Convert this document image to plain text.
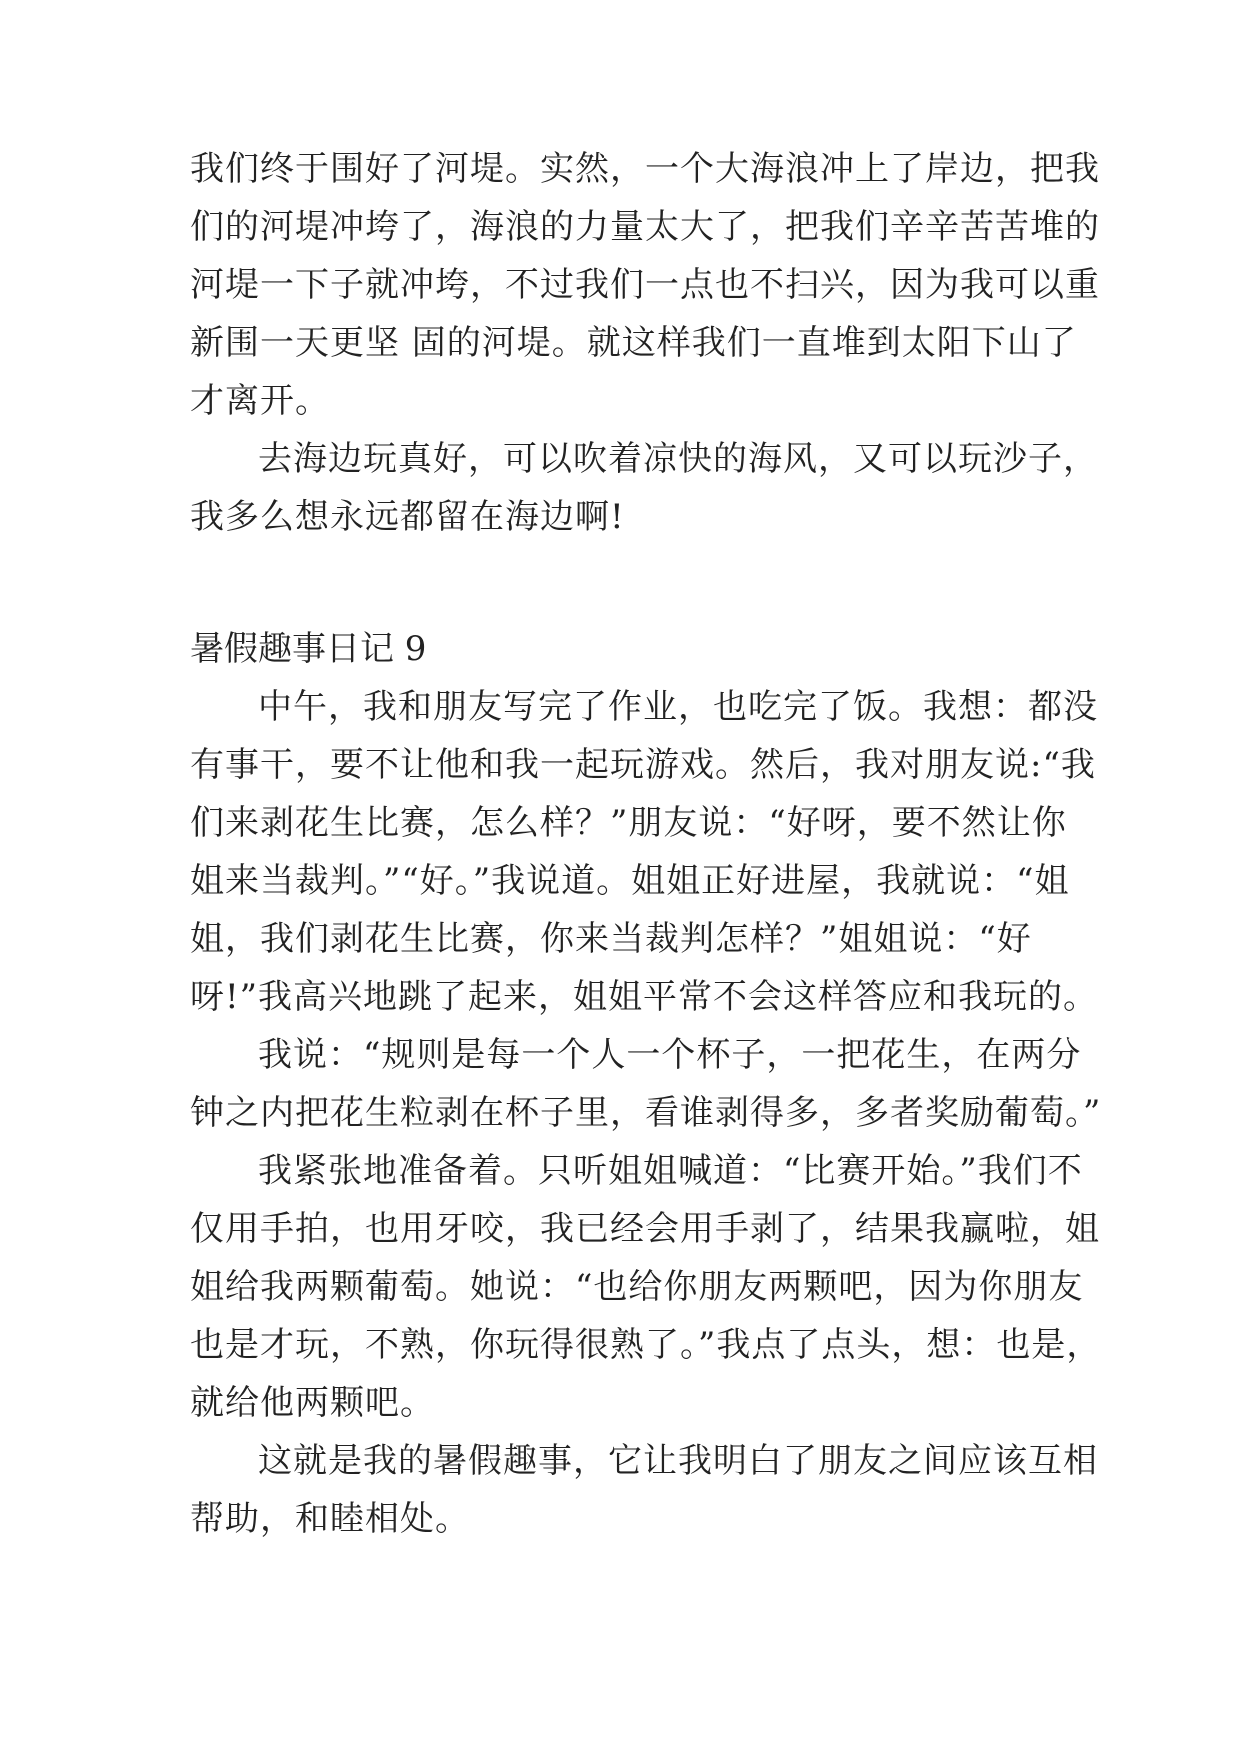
我们终于围好了河堤。实然，一个大海浪冲上了岸边，把我
们的河堤冲垮了，海浪的力量太大了，把我们辛辛苦苦堆的
河堤一下子就冲垮，不过我们一点也不扫兴，因为我可以重
新围一天更坚 固的河堤。就这样我们一直堆到太阳下山了
才离开。
去海边玩真好，可以吹着凉快的海风，又可以玩沙子，
我多么想永远都留在海边啊!
暑假趣事日记 9
中午，我和朋友写完了作业，也吃完了饭。我想：都没
有事干，要不让他和我一起玩游戏。然后，我对朋友说:“我
们来剥花生比赛，怎么样？”朋友说：“好呀，要不然让你
姐来当裁判。”“好。”我说道。姐姐正好进屋，我就说：“姐
姐，我们剥花生比赛，你来当裁判怎样？”姐姐说：“好
呀!”我高兴地跳了起来，姐姐平常不会这样答应和我玩的。
我说：“规则是每一个人一个杯子，一把花生，在两分
钟之内把花生粒剥在杯子里，看谁剥得多，多者奖励葡萄。”
我紧张地准备着。只听姐姐喊道：“比赛开始。”我们不
仅用手拍，也用牙咬，我已经会用手剥了，结果我赢啦，姐
姐给我两颗葡萄。她说：“也给你朋友两颗吧，因为你朋友
也是才玩，不熟，你玩得很熟了。”我点了点头，想：也是，
就给他两颗吧。
这就是我的暑假趣事，它让我明白了朋友之间应该互相
帮助，和睦相处。
